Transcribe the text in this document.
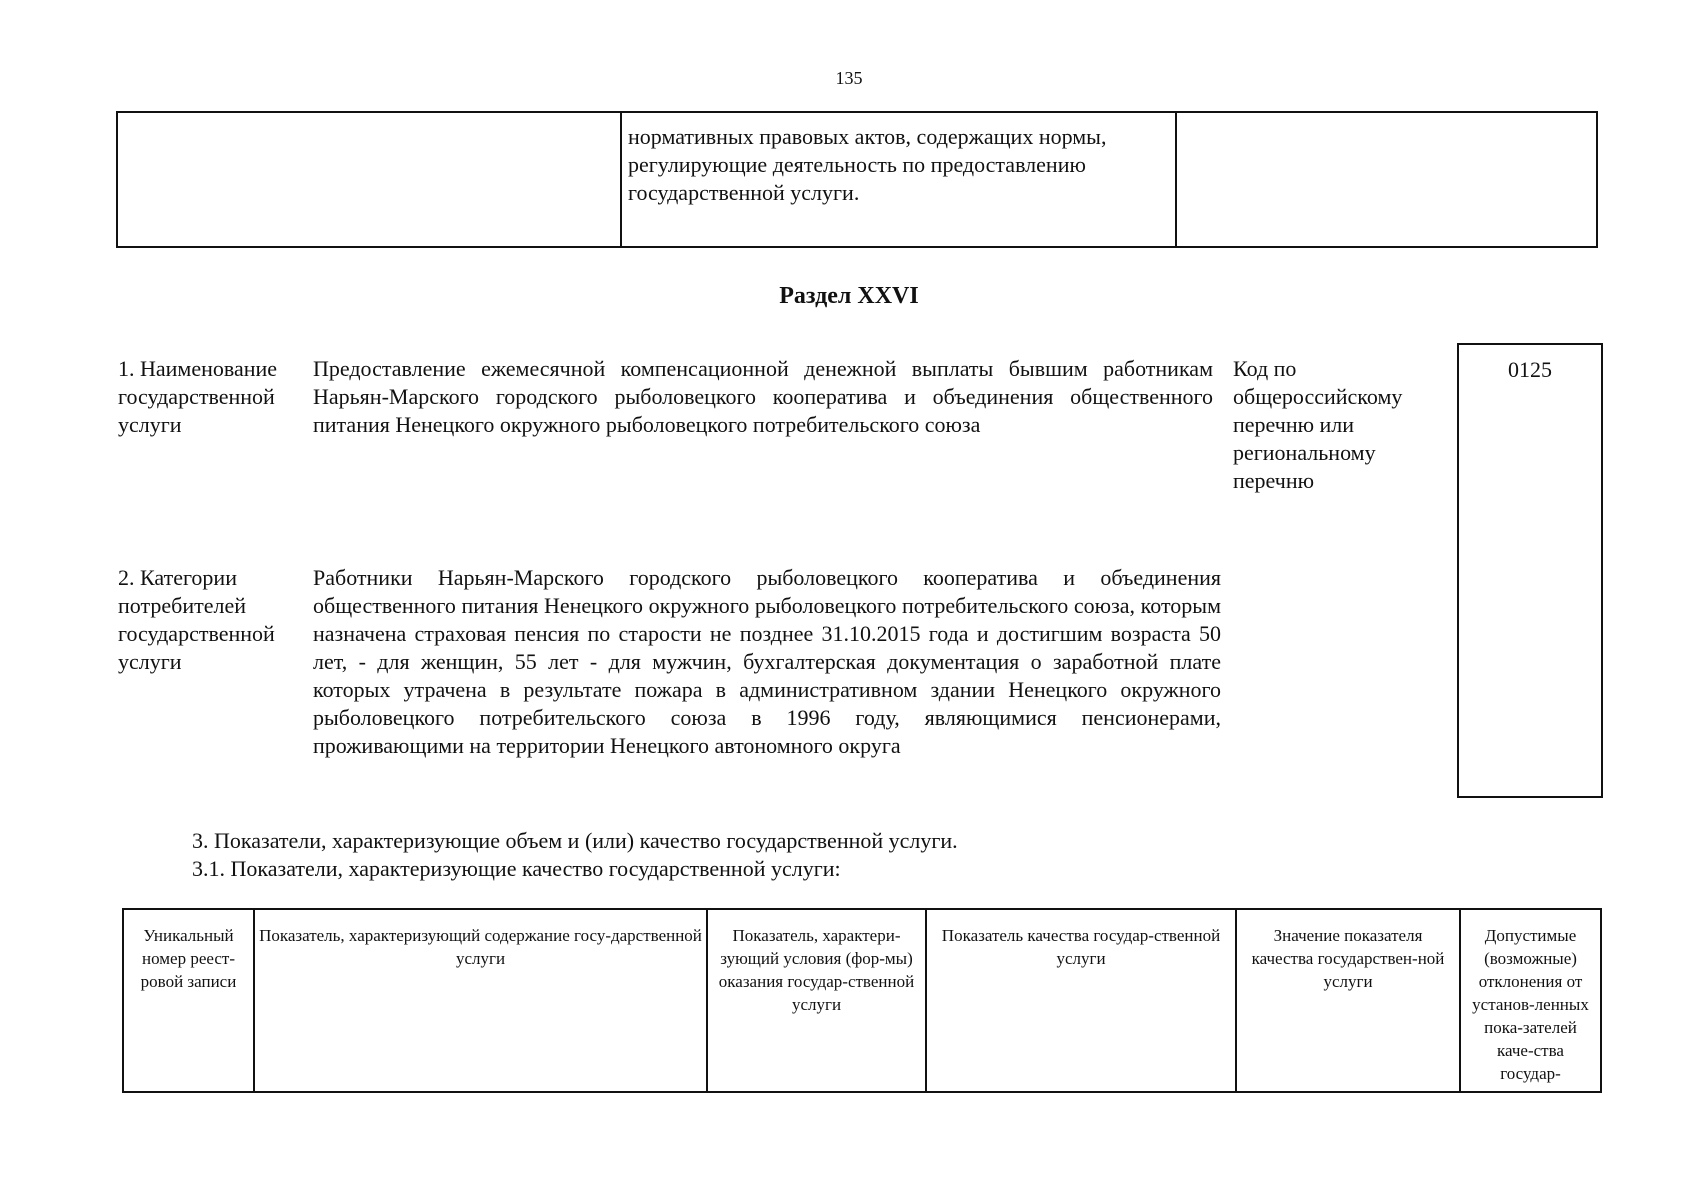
135
нормативных правовых актов, содержащих нормы,
регулирующие деятельность по предоставлению
государственной услуги.
Раздел XXVI
1. Наименование
государственной
услуги
Предоставление ежемесячной компенсационной денежной выплаты бывшим работникам Нарьян-Марского городского рыболовецкого кооператива и объединения общественного питания Ненецкого окружного рыболовецкого потребительского союза
Код по
общероссийскому
перечню или
региональному
перечню
0125
2. Категории
потребителей
государственной
услуги
Работники Нарьян-Марского городского рыболовецкого кооператива и объединения общественного питания Ненецкого окружного рыболовецкого потребительского союза, которым назначена страховая пенсия по старости не позднее 31.10.2015 года и достигшим возраста 50 лет, - для женщин, 55 лет - для мужчин, бухгалтерская документация о заработной плате которых утрачена в результате пожара в административном здании Ненецкого окружного рыболовецкого потребительского союза в 1996 году, являющимися пенсионерами, проживающими на территории Ненецкого автономного округа
3. Показатели, характеризующие объем и (или) качество государственной услуги.
3.1. Показатели, характеризующие качество государственной услуги:
Уникальный номер реест-ровой записи
Показатель, характеризующий содержание госу-дарственной услуги
Показатель, характери-зующий условия (фор-мы) оказания государ-ственной услуги
Показатель качества государ-ственной услуги
Значение показателя качества государствен-ной услуги
Допустимые (возможные) отклонения от установ-ленных пока-зателей каче-ства государ-
